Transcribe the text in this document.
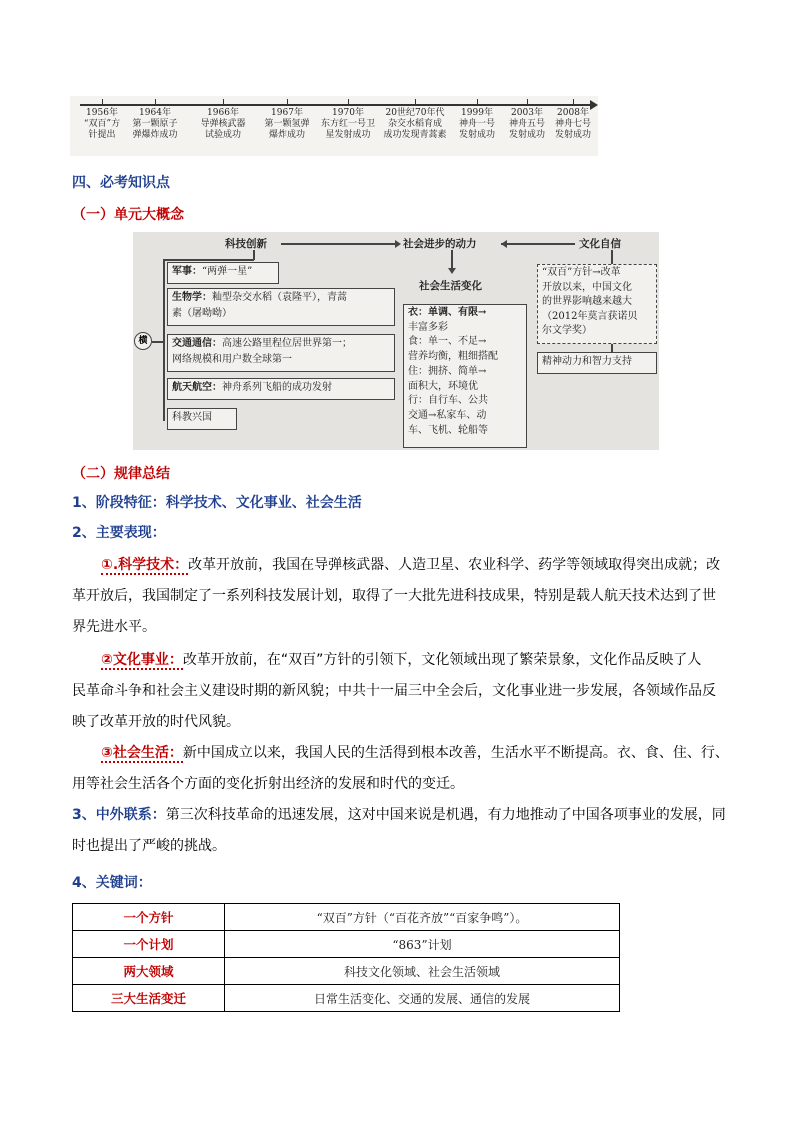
1956年
“双百”方
针提出
1964年
第一颗原子
弹爆炸成功
1966年
导弹核武器
试验成功
1967年
第一颗氢弹
爆炸成功
1970年
东方红一号卫
星发射成功
20世纪70年代
杂交水稻育成
成功发现青蒿素
1999年
神舟一号
发射成功
2003年
神舟五号
发射成功
2008年
神舟七号
发射成功
四、必考知识点
（一）单元大概念
科技创新	社会进步的动力	文化自信
横
军事：“两弹一星”
生物学：籼型杂交水稻（袁隆平），青蒿
素（屠呦呦）
交通通信：高速公路里程位居世界第一；
网络规模和用户数全球第一
航天航空：神舟系列飞船的成功发射
科教兴国
社会生活变化
衣：单调、有限→
丰富多彩
食：单一、不足→
营养均衡，粗细搭配
住：拥挤、简单→
面积大，环境优
行：自行车、公共
交通→私家车、动
车、飞机、轮船等
“双百”方针→改革
开放以来，中国文化
的世界影响越来越大
（2012年莫言获诺贝
尔文学奖）
精神动力和智力支持
（二）规律总结
1、阶段特征：科学技术、文化事业、社会生活
2、主要表现：
①.科学技术：改革开放前，我国在导弹核武器、人造卫星、农业科学、药学等领域取得突出成就；改
革开放后，我国制定了一系列科技发展计划，取得了一大批先进科技成果，特别是载人航天技术达到了世
界先进水平。
②文化事业：改革开放前，在“双百”方针的引领下，文化领域出现了繁荣景象，文化作品反映了人
民革命斗争和社会主义建设时期的新风貌；中共十一届三中全会后，文化事业进一步发展，各领域作品反
映了改革开放的时代风貌。
③社会生活：新中国成立以来，我国人民的生活得到根本改善，生活水平不断提高。衣、食、住、行、
用等社会生活各个方面的变化折射出经济的发展和时代的变迁。
3、中外联系：第三次科技革命的迅速发展，这对中国来说是机遇，有力地推动了中国各项事业的发展，同
时也提出了严峻的挑战。
4、关键词：
一个方针	“双百”方针（“百花齐放”“百家争鸣”）。
一个计划	“863”计划
两大领域	科技文化领域、社会生活领域
三大生活变迁	日常生活变化、交通的发展、通信的发展
